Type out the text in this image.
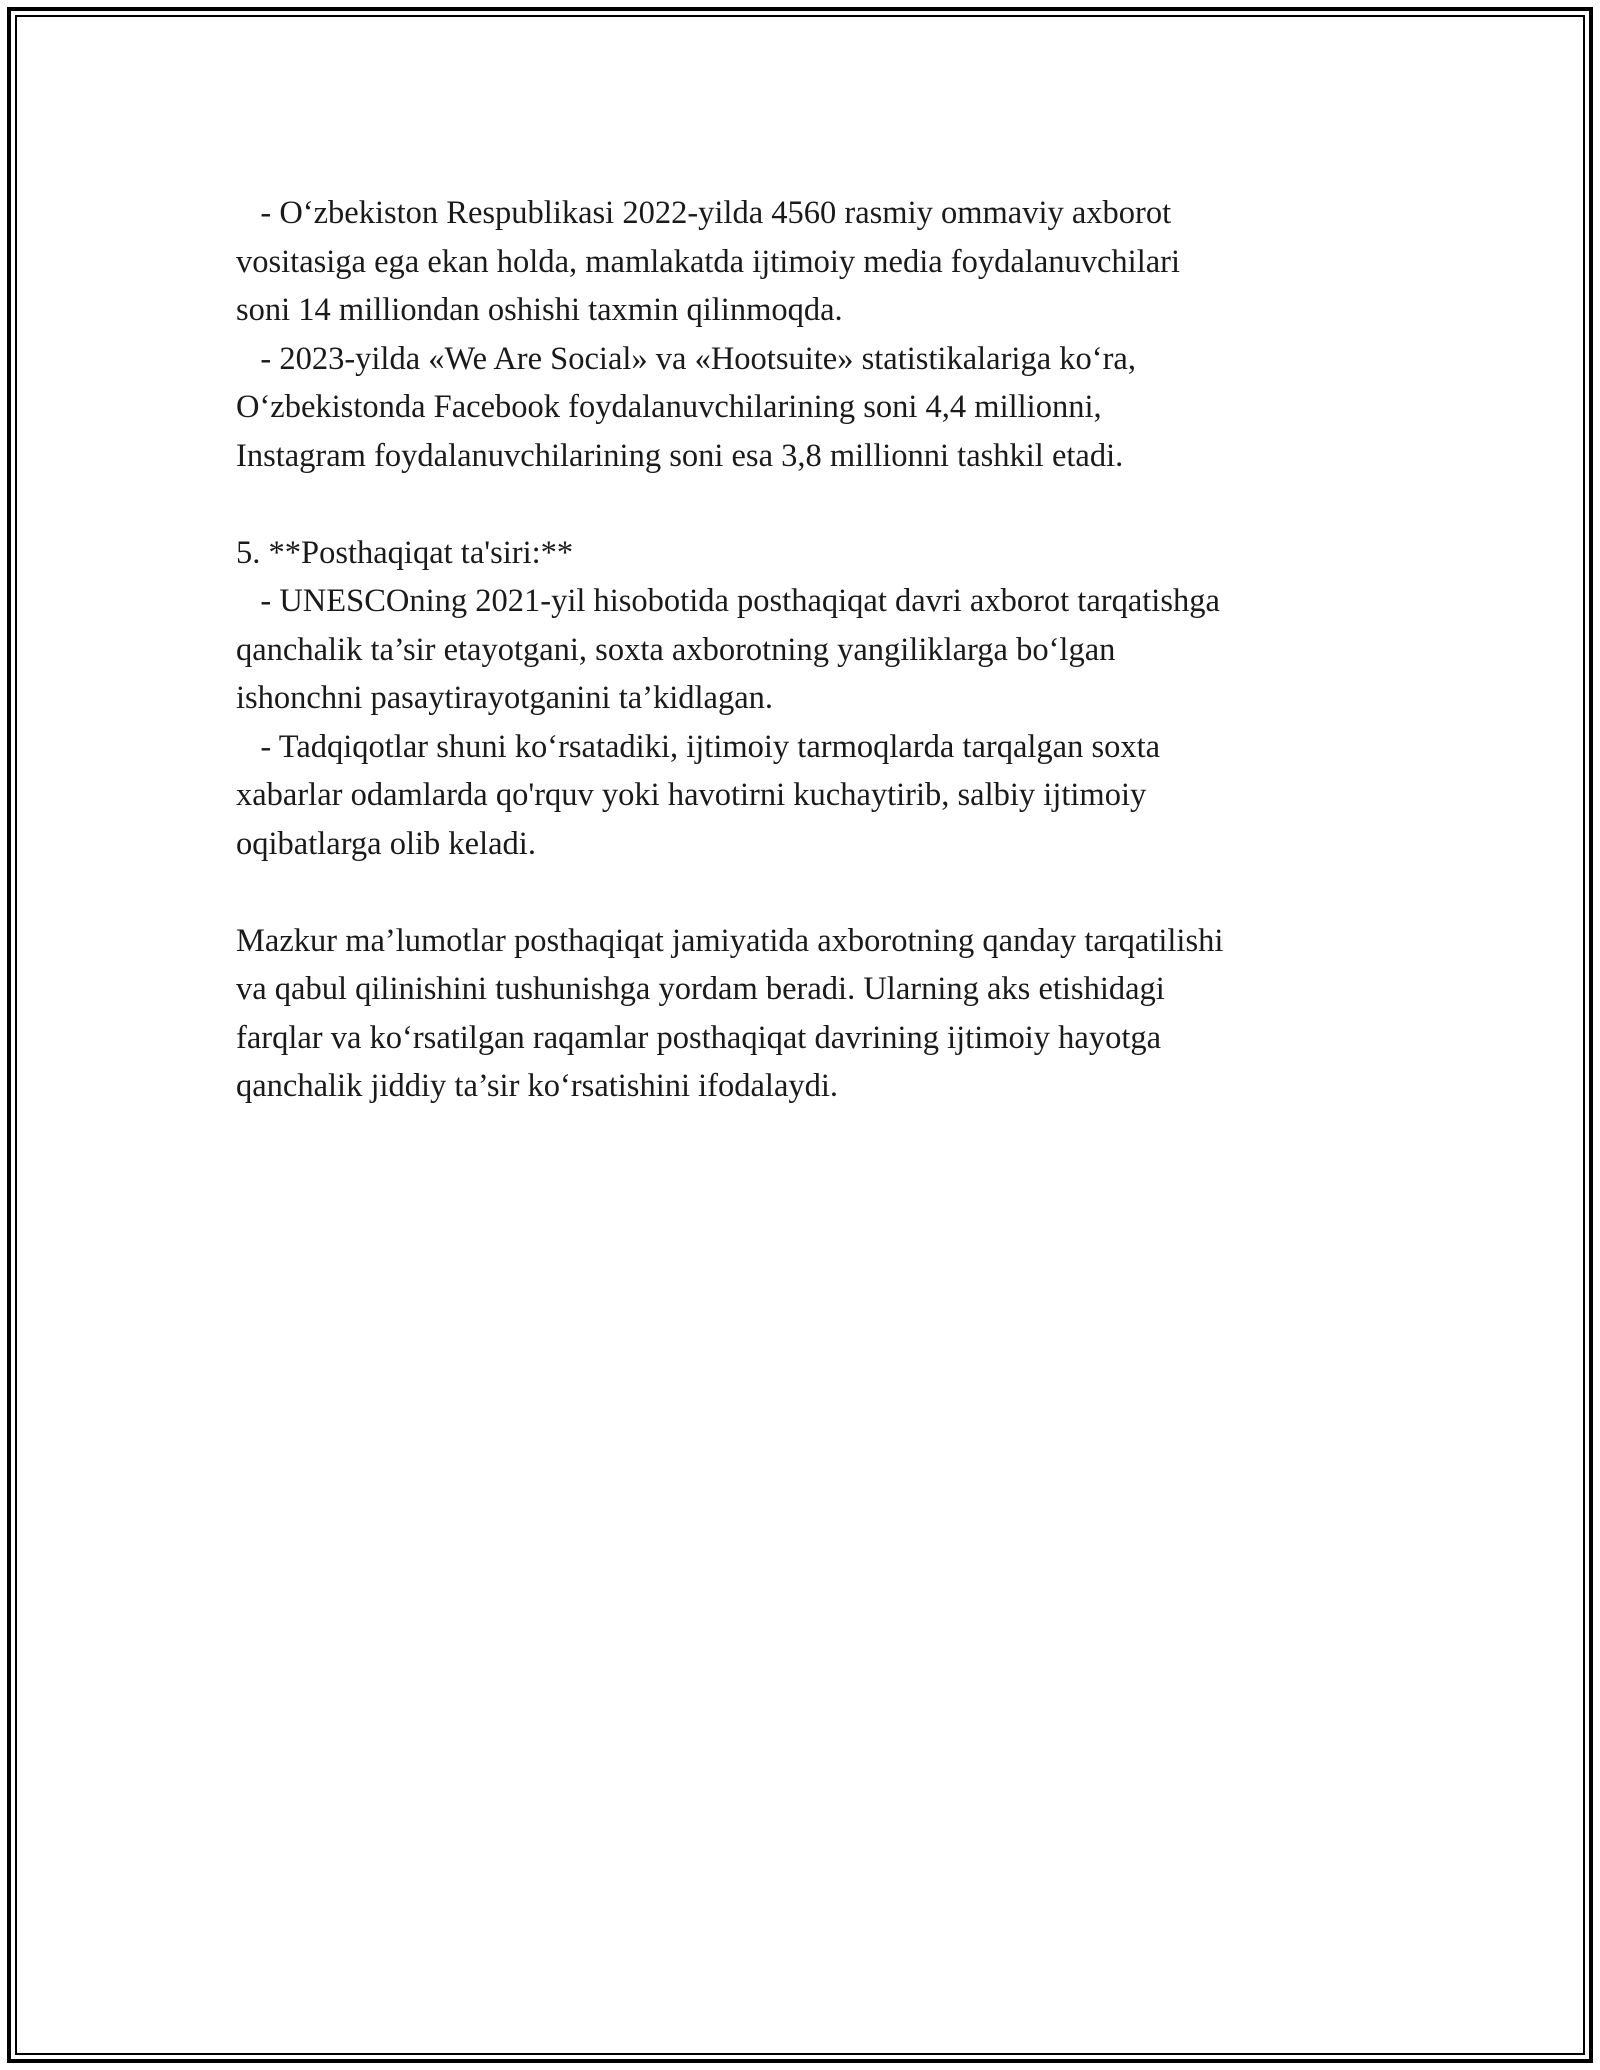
- O‘zbekiston Respublikasi 2022-yilda 4560 rasmiy ommaviy axborot

vositasiga ega ekan holda, mamlakatda ijtimoiy media foydalanuvchilari

soni 14 milliondan oshishi taxmin qilinmoqda.

- 2023-yilda «We Are Social» va «Hootsuite» statistikalariga ko‘ra,

O‘zbekistonda Facebook foydalanuvchilarining soni 4,4 millionni,

Instagram foydalanuvchilarining soni esa 3,8 millionni tashkil etadi.

5. **Posthaqiqat ta'siri:**

- UNESCOning 2021-yil hisobotida posthaqiqat davri axborot tarqatishga

qanchalik ta’sir etayotgani, soxta axborotning yangiliklarga bo‘lgan

ishonchni pasaytirayotganini ta’kidlagan.

- Tadqiqotlar shuni ko‘rsatadiki, ijtimoiy tarmoqlarda tarqalgan soxta

xabarlar odamlarda qo'rquv yoki havotirni kuchaytirib, salbiy ijtimoiy

oqibatlarga olib keladi.

Mazkur ma’lumotlar posthaqiqat jamiyatida axborotning qanday tarqatilishi

va qabul qilinishini tushunishga yordam beradi. Ularning aks etishidagi

farqlar va ko‘rsatilgan raqamlar posthaqiqat davrining ijtimoiy hayotga

qanchalik jiddiy ta’sir ko‘rsatishini ifodalaydi.
